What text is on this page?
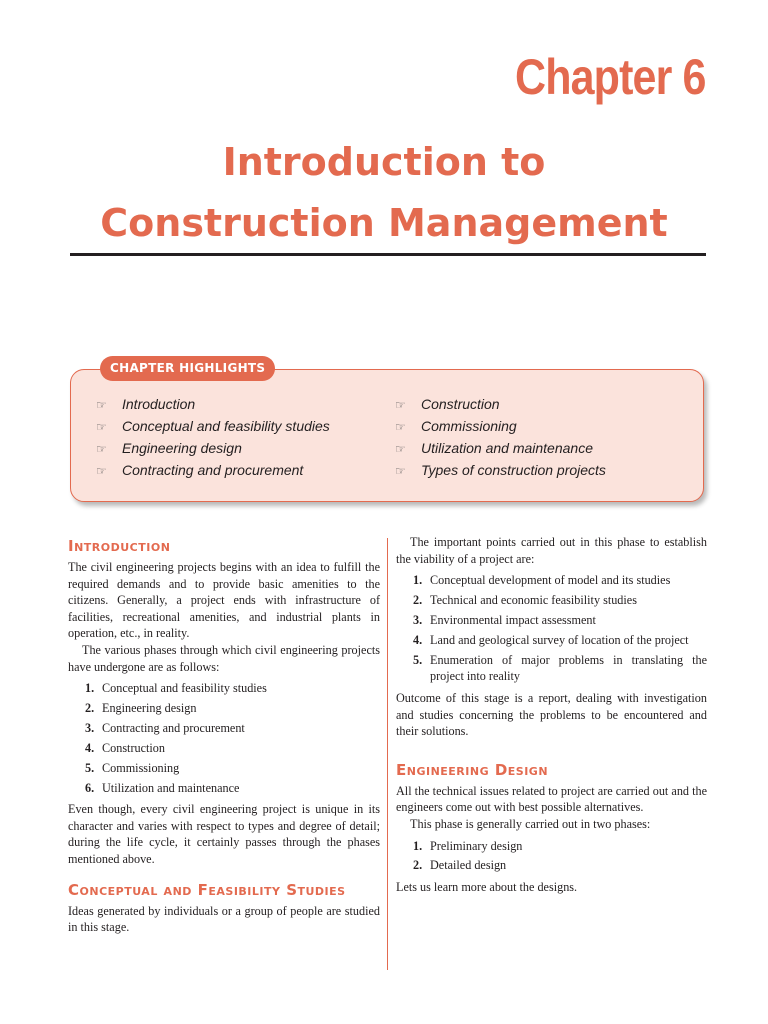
Chapter 6
Introduction to
Construction Management
CHAPTER HIGHLIGHTS
☞ Introduction
☞ Conceptual and feasibility studies
☞ Engineering design
☞ Contracting and procurement
☞ Construction
☞ Commissioning
☞ Utilization and maintenance
☞ Types of construction projects
Introduction

The civil engineering projects begins with an idea to fulfill the required demands and to provide basic amenities to the citizens. Generally, a project ends with infrastructure of facilities, recreational amenities, and industrial plants in operation, etc., in reality.

The various phases through which civil engineering projects have undergone are as follows:

1. Conceptual and feasibility studies
2. Engineering design
3. Contracting and procurement
4. Construction
5. Commissioning
6. Utilization and maintenance

Even though, every civil engineering project is unique in its character and varies with respect to types and degree of detail; during the life cycle, it certainly passes through the phases mentioned above.

Conceptual and Feasibility Studies

Ideas generated by individuals or a group of people are studied in this stage.

The important points carried out in this phase to establish the viability of a project are:

1. Conceptual development of model and its studies
2. Technical and economic feasibility studies
3. Environmental impact assessment
4. Land and geological survey of location of the project
5. Enumeration of major problems in translating the project into reality

Outcome of this stage is a report, dealing with investigation and studies concerning the problems to be encountered and their solutions.

Engineering Design

All the technical issues related to project are carried out and the engineers come out with best possible alternatives.

This phase is generally carried out in two phases:

1. Preliminary design
2. Detailed design

Lets us learn more about the designs.
